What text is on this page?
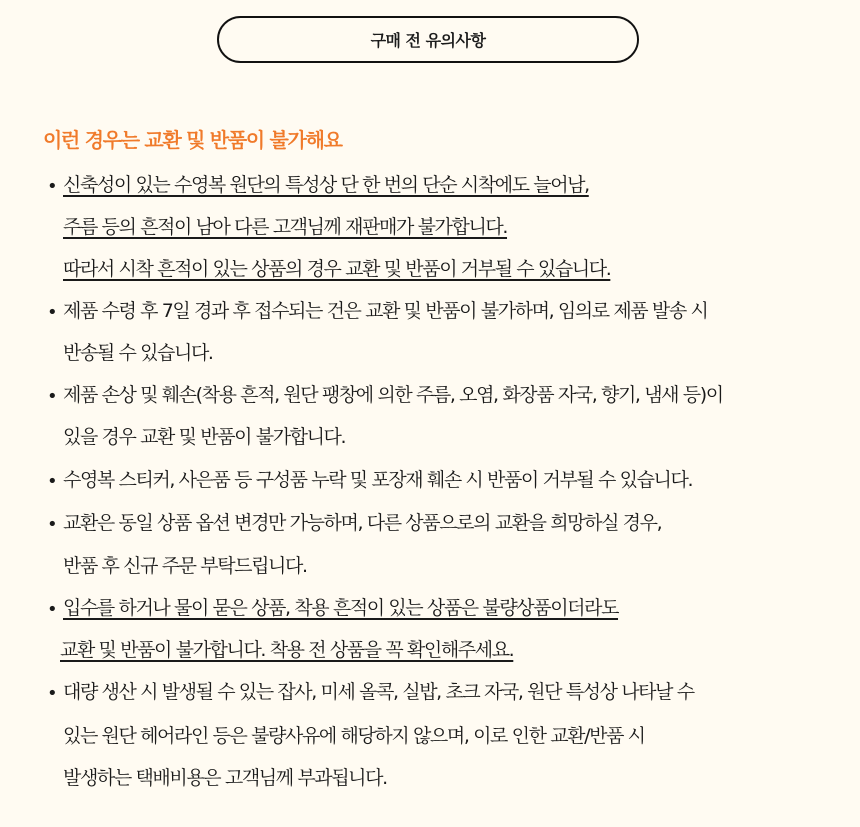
구매 전 유의사항
이런 경우는 교환 및 반품이 불가해요
• 신축성이 있는 수영복 원단의 특성상 단 한 번의 단순 시착에도 늘어남,
주름 등의 흔적이 남아 다른 고객님께 재판매가 불가합니다.
따라서 시착 흔적이 있는 상품의 경우 교환 및 반품이 거부될 수 있습니다.
• 제품 수령 후 7일 경과 후 접수되는 건은 교환 및 반품이 불가하며, 임의로 제품 발송 시
반송될 수 있습니다.
• 제품 손상 및 훼손(착용 흔적, 원단 팽창에 의한 주름, 오염, 화장품 자국, 향기, 냄새 등)이
있을 경우 교환 및 반품이 불가합니다.
• 수영복 스티커, 사은품 등 구성품 누락 및 포장재 훼손 시 반품이 거부될 수 있습니다.
• 교환은 동일 상품 옵션 변경만 가능하며, 다른 상품으로의 교환을 희망하실 경우,
반품 후 신규 주문 부탁드립니다.
• 입수를 하거나 물이 묻은 상품, 착용 흔적이 있는 상품은 불량상품이더라도
교환 및 반품이 불가합니다. 착용 전 상품을 꼭 확인해주세요.
• 대량 생산 시 발생될 수 있는 잡사, 미세 올콕, 실밥, 초크 자국, 원단 특성상 나타날 수
있는 원단 헤어라인 등은 불량사유에 해당하지 않으며, 이로 인한 교환/반품 시
발생하는 택배비용은 고객님께 부과됩니다.
